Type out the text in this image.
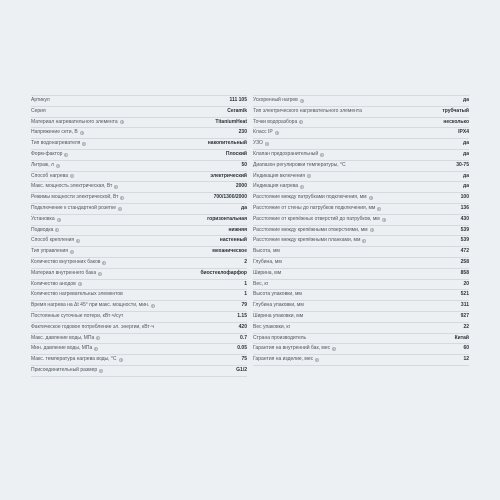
Артикул	111 105
Серия	Ceramik
Материал нагревательного элемента	i	TitaniumHeat
Напряжение сети, В	i	230
Тип водонагревателя	i	накопительный
Форм-фактор	i	Плоский
Литраж, л	i	50
Способ нагрева	i	электрический
Макс. мощность электрическая, Вт	i	2000
Режимы мощности электрической, Вт	i	700/1300/2000
Подключение к стандартной розетке	i	да
Установка	i	горизонтальная
Подводка	i	нижняя
Способ крепления	i	настенный
Тип управления	i	механическое
Количество внутренних баков	i	2
Материал внутреннего бака	i	биостеклофарфор
Количество анодов	i	1
Количество нагревательных элементов	1
Время нагрева на Δt 45° при макс. мощности, мин.	i	79
Постоянные суточные потери, кВт·ч/сут	1.15
Фактическое годовое потребление эл. энергии, кВт·ч	420
Макс. давление воды, МПа	i	0.7
Мин. давление воды, МПа	i	0.05
Макс. температура нагрева воды, °С	i	75
Присоединительный размер	i	G1/2
Ускоренный нагрев	i	да
Тип электрического нагревательного элемента	трубчатый
Точки водоразбора	i	несколько
Класс IP	i	IPX4
УЗО	i	да
Клапан предохранительный	i	да
Диапазон регулировки температуры, °С	30-75
Индикация включения	i	да
Индикация нагрева	i	да
Расстояние между патрубками подключения, мм	i	100
Расстояние от стены до патрубков подключения, мм	i	136
Расстояние от крепёжных отверстий до патрубков, мм	i	430
Расстояние между крепёжными отверстиями, мм	i	539
Расстояние между крепёжными планками, мм	i	539
Высота, мм	472
Глубина, мм	258
Ширина, мм	858
Вес, кг	20
Высота упаковки, мм	521
Глубина упаковки, мм	311
Ширина упаковки, мм	927
Вес упаковки, кг	22
Страна производитель	Китай
Гарантия на внутренний бак, мес	i	60
Гарантия на изделие, мес	i	12
